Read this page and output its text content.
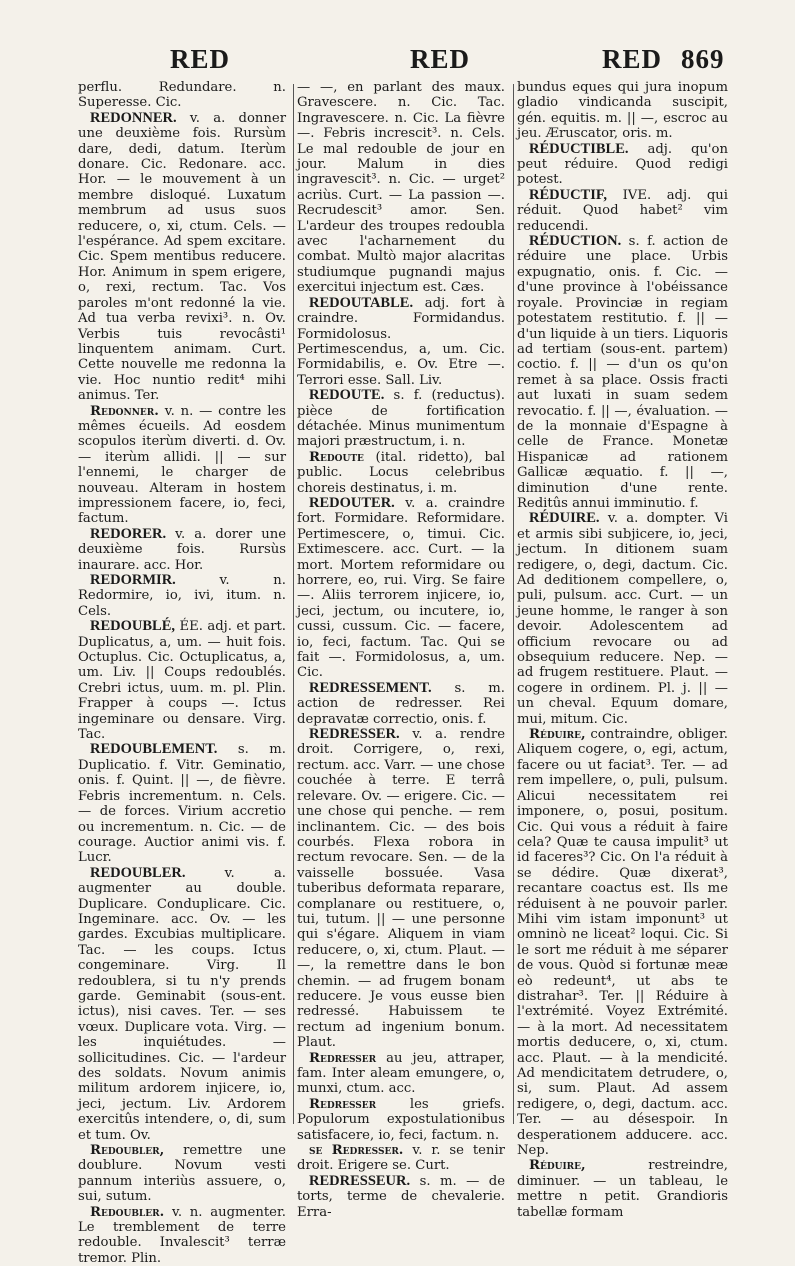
RED	RED	RED 869
perflu. Redundare. n. Superesse. Cic.
REDONNER. v. a. donner une deuxième fois. Rursùm dare, dedi, datum. Iterùm donare. Cic. Redonare. acc. Hor. — le mouvement à un membre disloqué. Luxatum membrum ad usus suos reducere, o, xi, ctum. Cels. — l'espérance. Ad spem excitare. Cic. Spem mentibus reducere. Hor. Animum in spem erigere, o, rexi, rectum. Tac. Vos paroles m'ont redonné la vie. Ad tua verba revixi³. n. Ov. Verbis tuis revocâsti¹ linquentem animam. Curt. Cette nouvelle me redonna la vie. Hoc nuntio redit⁴ mihi animus. Ter.
Redonner. v. n. — contre les mêmes écueils. Ad eosdem scopulos iterùm diverti. d. Ov. — iterùm allidi. || — sur l'ennemi, le charger de nouveau. Alteram in hostem impressionem facere, io, feci, factum.
REDORER. v. a. dorer une deuxième fois. Rursùs inaurare. acc. Hor.
REDORMIR. v. n. Redormire, io, ivi, itum. n. Cels.
REDOUBLÉ, ÉE. adj. et part. Duplicatus, a, um. — huit fois. Octuplus. Cic. Octuplicatus, a, um. Liv. || Coups redoublés. Crebri ictus, uum. m. pl. Plin. Frapper à coups —. Ictus ingeminare ou densare. Virg. Tac.
REDOUBLEMENT. s. m. Duplicatio. f. Vitr. Geminatio, onis. f. Quint. || —, de fièvre. Febris incrementum. n. Cels. — de forces. Virium accretio ou incrementum. n. Cic. — de courage. Auctior animi vis. f. Lucr.
REDOUBLER. v. a. augmenter au double. Duplicare. Conduplicare. Cic. Ingeminare. acc. Ov. — les gardes. Excubias multiplicare. Tac. — les coups. Ictus congeminare. Virg. Il redoublera, si tu n'y prends garde. Geminabit (sous-ent. ictus), nisi caves. Ter. — ses vœux. Duplicare vota. Virg. — les inquiétudes. — sollicitudines. Cic. — l'ardeur des soldats. Novum animis militum ardorem injicere, io, jeci, jectum. Liv. Ardorem exercitûs intendere, o, di, sum et tum. Ov.
Redoubler, remettre une doublure. Novum vesti pannum interiùs assuere, o, sui, sutum.
Redoubler. v. n. augmenter. Le tremblement de terre redouble. Invalescit³ terræ tremor. Plin.
— —, en parlant des maux. Gravescere. n. Cic. Tac. Ingravescere. n. Cic. La fièvre —. Febris increscit³. n. Cels. Le mal redouble de jour en jour. Malum in dies ingravescit³. n. Cic. — urget² acriùs. Curt. — La passion —. Recrudescit³ amor. Sen. L'ardeur des troupes redoubla avec l'acharnement du combat. Multò major alacritas studiumque pugnandi majus exercitui injectum est. Cæs.
REDOUTABLE. adj. fort à craindre. Formidandus. Formidolosus. Pertimescendus, a, um. Cic. Formidabilis, e. Ov. Etre —. Terrori esse. Sall. Liv.
REDOUTE. s. f. (reductus). pièce de fortification détachée. Minus munimentum majori præstructum, i. n.
Redoute (ital. ridetto), bal public. Locus celebribus choreis destinatus, i. m.
REDOUTER. v. a. craindre fort. Formidare. Reformidare. Pertimescere, o, timui. Cic. Extimescere. acc. Curt. — la mort. Mortem reformidare ou horrere, eo, rui. Virg. Se faire —. Aliis terrorem injicere, io, jeci, jectum, ou incutere, io, cussi, cussum. Cic. — facere, io, feci, factum. Tac. Qui se fait —. Formidolosus, a, um. Cic.
REDRESSEMENT. s. m. action de redresser. Rei depravatæ correctio, onis. f.
REDRESSER. v. a. rendre droit. Corrigere, o, rexi, rectum. acc. Varr. — une chose couchée à terre. E terrâ relevare. Ov. — erigere. Cic. — une chose qui penche. — rem inclinantem. Cic. — des bois courbés. Flexa robora in rectum revocare. Sen. — de la vaisselle bossuée. Vasa tuberibus deformata reparare, complanare ou restituere, o, tui, tutum. || — une personne qui s'égare. Aliquem in viam reducere, o, xi, ctum. Plaut. — —, la remettre dans le bon chemin. — ad frugem bonam reducere. Je vous eusse bien redressé. Habuissem te rectum ad ingenium bonum. Plaut.
Redresser au jeu, attraper, fam. Inter aleam emungere, o, munxi, ctum. acc.
Redresser les griefs. Populorum expostulationibus satisfacere, io, feci, factum. n.
se Redresser. v. r. se tenir droit. Erigere se. Curt.
REDRESSEUR. s. m. — de torts, terme de chevalerie. Erra-
bundus eques qui jura inopum gladio vindicanda suscipit, gén. equitis. m. || —, escroc au jeu. Æruscator, oris. m.
RÉDUCTIBLE. adj. qu'on peut réduire. Quod redigi potest.
RÉDUCTIF, IVE. adj. qui réduit. Quod habet² vim reducendi.
RÉDUCTION. s. f. action de réduire une place. Urbis expugnatio, onis. f. Cic. — d'une province à l'obéissance royale. Provinciæ in regiam potestatem restitutio. f. || — d'un liquide à un tiers. Liquoris ad tertiam (sous-ent. partem) coctio. f. || — d'un os qu'on remet à sa place. Ossis fracti aut luxati in suam sedem revocatio. f. || —, évaluation. — de la monnaie d'Espagne à celle de France. Monetæ Hispanicæ ad rationem Gallicæ æquatio. f. || —, diminution d'une rente. Reditûs annui imminutio. f.
RÉDUIRE. v. a. dompter. Vi et armis sibi subjicere, io, jeci, jectum. In ditionem suam redigere, o, degi, dactum. Cic. Ad deditionem compellere, o, puli, pulsum. acc. Curt. — un jeune homme, le ranger à son devoir. Adolescentem ad officium revocare ou ad obsequium reducere. Nep. — ad frugem restituere. Plaut. — cogere in ordinem. Pl. j. || — un cheval. Equum domare, mui, mitum. Cic.
Réduire, contraindre, obliger. Aliquem cogere, o, egi, actum, facere ou ut faciat³. Ter. — ad rem impellere, o, puli, pulsum. Alicui necessitatem rei imponere, o, posui, positum. Cic. Qui vous a réduit à faire cela? Quæ te causa impulit³ ut id faceres³? Cic. On l'a réduit à se dédire. Quæ dixerat³, recantare coactus est. Ils me réduisent à ne pouvoir parler. Mihi vim istam imponunt³ ut omninò ne liceat² loqui. Cic. Si le sort me réduit à me séparer de vous. Quòd si fortunæ meæ eò redeunt⁴, ut abs te distrahar³. Ter. || Réduire à l'extrémité. Voyez Extrémité. — à la mort. Ad necessitatem mortis deducere, o, xi, ctum. acc. Plaut. — à la mendicité. Ad mendicitatem detrudere, o, si, sum. Plaut. Ad assem redigere, o, degi, dactum. acc. Ter. — au désespoir. In desperationem adducere. acc. Nep.
Réduire, restreindre, diminuer. — un tableau, le mettre n petit. Grandioris tabellæ formam
